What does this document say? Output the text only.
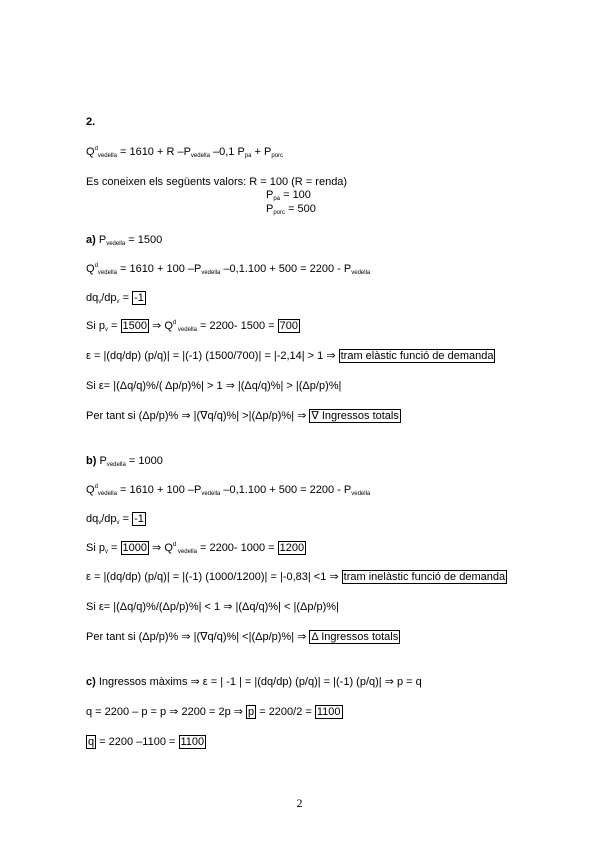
2.
$Q^d_{vedella} = 1610 + R$ $-P_{vedella}$ –0,1 $P_{pa} + P_{porc}$
Es coneixen els següents valors: R = 100 (R = renda)
$P_{pa} = 100$
$P_{porc} = 500$
a) $P_{vedella} = 1500$
$Q^d_{vedella} = 1610 + 100$ $-P_{vedella}$ $-0,1.100 + 500 = 2200 - P_{vedella}$
$dq_v/dp_v = -1$
Si $p_v = 1500$ ⇒ $Q^d$ $_{vedella}$ = 2200- 1500 = 700
ε = |(dq/dp) (p/q)| = |(-1) (1500/700)| = |-2,14| > 1 ⇒ tram elàstic funció de demanda
Si ε= |(Δq/q)%/( Δp/p)%| > 1 ⇒ |(Δq/q)%| > |(Δp/p)%|
Per tant si (Δp/p)% ⇒ |(∇q/q)%| >|(Δp/p)%| ⇒ ∇ Ingressos totals
b) $P_{vedella} = 1000$
$Q^d_{vedella} = 1610 + 100$ $-P_{vedella}$ $-0,1.100 + 500 = 2200 - P_{vedella}$
$dq_v/dp_v = -1$
Si $p_v = 1000$ ⇒ $Q^d$ $_{vedella}$ = 2200- 1000 = 1200
ε = |(dq/dp) (p/q)| = |(-1) (1000/1200)| = |-0,83| <1 ⇒ tram inelàstic funció de demanda
Si ε= |(Δq/q)%/(Δp/p)%| < 1 ⇒ |(Δq/q)%| < |(Δp/p)%|
Per tant si (Δp/p)% ⇒ |(∇q/q)%| <|(Δp/p)%| ⇒ Δ Ingressos totals
c) Ingressos màxims ⇒ ε = | -1 | = |(dq/dp) (p/q)| = |(-1) (p/q)| ⇒ p = q
q = 2200 – p = p ⇒ 2200 = 2p ⇒ p = 2200/2 = 1100
q = 2200 –1100 = 1100
2
